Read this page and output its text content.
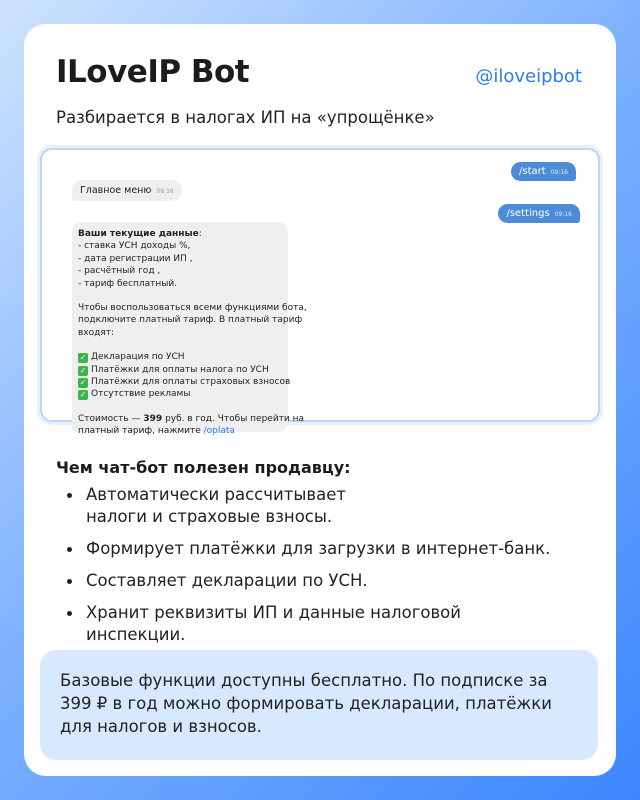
ILoveIP Bot	@iloveipbot
Разбирается в налогах ИП на «упрощёнке»
/start 09:16
Главное меню 09:16
/settings 09:16
Ваши текущие данные:
- ставка УСН доходы %,
- дата регистрации ИП ,
- расчётный год ,
- тариф бесплатный.
Чтобы воспользоваться всеми функциями бота,
подключите платный тариф. В платный тариф
входят:
✓ Декларация по УСН
✓ Платёжки для оплаты налога по УСН
✓ Платёжки для оплаты страховых взносов
✓ Отсутствие рекламы
Стоимость — 399 руб. в год. Чтобы перейти на
платный тариф, нажмите /oplata
Чем чат-бот полезен продавцу:
Автоматически рассчитывает налоги и страховые взносы.
Формирует платёжки для загрузки в интернет-банк.
Составляет декларации по УСН.
Хранит реквизиты ИП и данные налоговой инспекции.
Базовые функции доступны бесплатно. По подписке за 399 ₽ в год можно формировать декларации, платёжки для налогов и взносов.
